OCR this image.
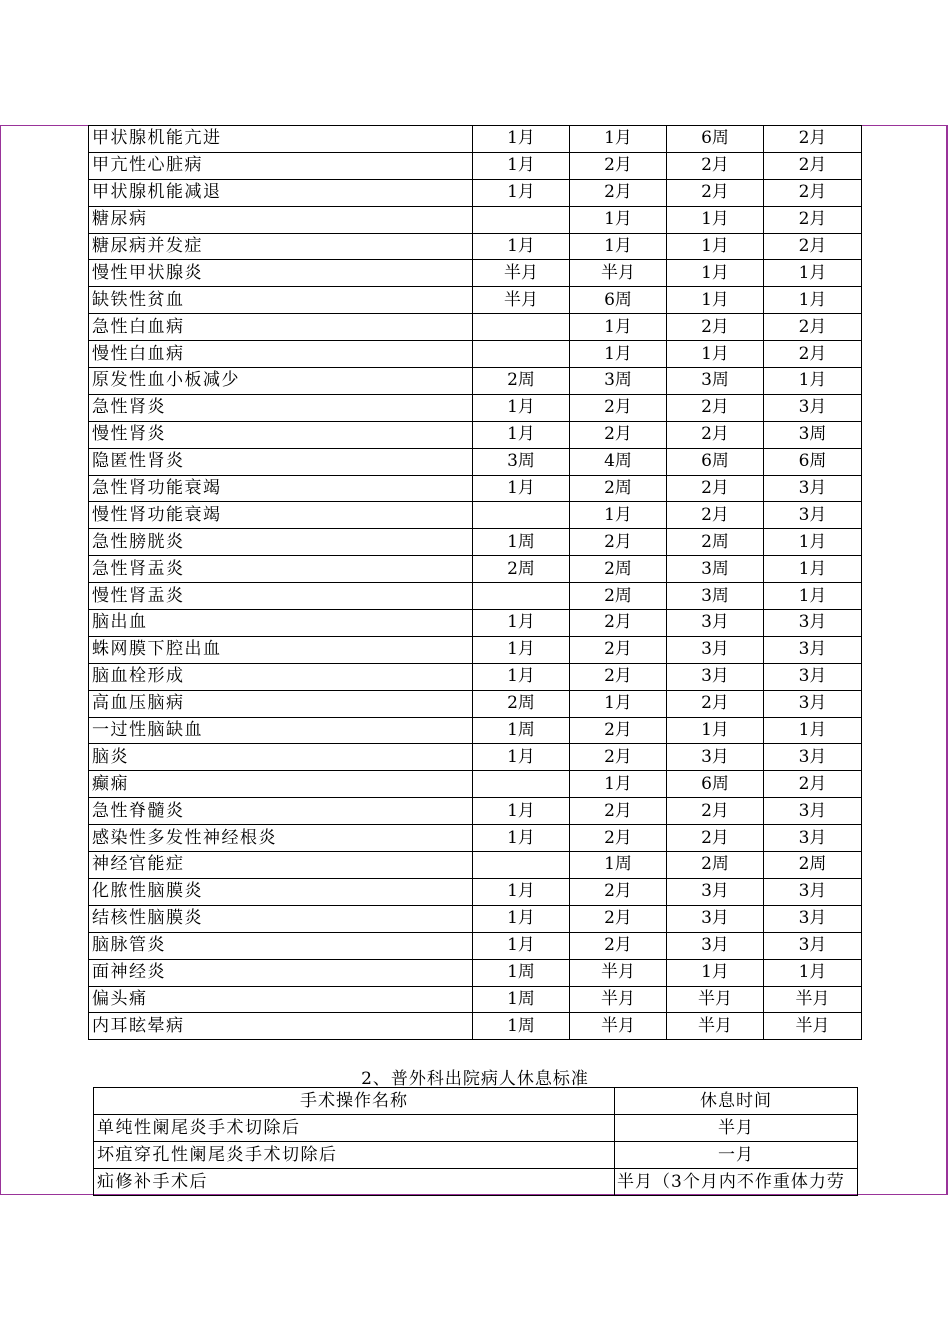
甲状腺机能亢进	1月	1月	6周	2月
甲亢性心脏病	1月	2月	2月	2月
甲状腺机能减退	1月	2月	2月	2月
糖尿病		1月	1月	2月
糖尿病并发症	1月	1月	1月	2月
慢性甲状腺炎	半月	半月	1月	1月
缺铁性贫血	半月	6周	1月	1月
急性白血病		1月	2月	2月
慢性白血病		1月	1月	2月
原发性血小板减少	2周	3周	3周	1月
急性肾炎	1月	2月	2月	3月
慢性肾炎	1月	2月	2月	3周
隐匿性肾炎	3周	4周	6周	6周
急性肾功能衰竭	1月	2周	2月	3月
慢性肾功能衰竭		1月	2月	3月
急性膀胱炎	1周	2月	2周	1月
急性肾盂炎	2周	2周	3周	1月
慢性肾盂炎		2周	3周	1月
脑出血	1月	2月	3月	3月
蛛网膜下腔出血	1月	2月	3月	3月
脑血栓形成	1月	2月	3月	3月
高血压脑病	2周	1月	2月	3月
一过性脑缺血	1周	2月	1月	1月
脑炎	1月	2月	3月	3月
癫痫		1月	6周	2月
急性脊髓炎	1月	2月	2月	3月
感染性多发性神经根炎	1月	2月	2月	3月
神经官能症		1周	2周	2周
化脓性脑膜炎	1月	2月	3月	3月
结核性脑膜炎	1月	2月	3月	3月
脑脉管炎	1月	2月	3月	3月
面神经炎	1周	半月	1月	1月
偏头痛	1周	半月	半月	半月
内耳眩晕病	1周	半月	半月	半月
2、普外科出院病人休息标准
手术操作名称	休息时间
单纯性阑尾炎手术切除后	半月
坏疽穿孔性阑尾炎手术切除后	一月
疝修补手术后	半月（3个月内不作重体力劳
